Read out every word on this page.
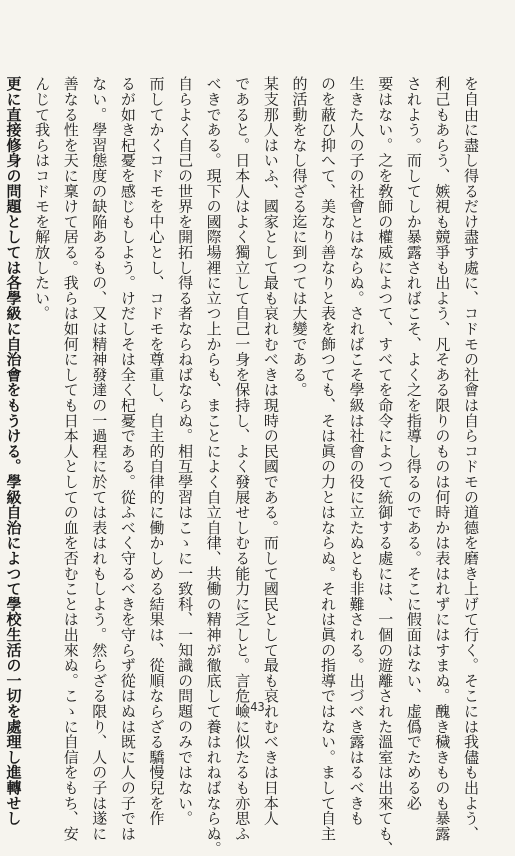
を自由に盡し得るだけ盡す處に、コドモの社會は自らコドモの道德を磨き上げて行く。そこには我儘も出よう、
利己もあらう、嫉視も競爭も出よう、凡そある限りのものは何時かは表はれずにはすまぬ。醜き穢きものも暴露
されよう。而してしか暴露さればこそ、よく之を指導し得るのである。そこに假面はない、虚僞でためる必
要はない。之を敎師の權威によつて、すべてを命令によつて統御する處には、一個の遊離された溫室は出來ても、
生きた人の子の社會とはならぬ。さればこそ學級は社會の役に立たぬとも非難される。出づべき露はるべきも
のを蔽ひ抑へて、美なり善なりと表を飾つても、そは眞の力とはならぬ。それは眞の指導ではない。まして自主
的活動をなし得ざる迄に到つては大變である。
某支那人はいふ、國家として最も哀れむべきは現時の民國である。而して國民として最も哀れむべきは日本人
であると。日本人はよく獨立して自己一身を保持し、よく發展せしむる能力に乏しと。言危嶮に似たるも亦思ふ
べきである。現下の國際場裡に立つ上からも、まことによく自立自律、共働の精神が徹底して養はれねばならぬ。
自らよく自己の世界を開拓し得る者ならねばならぬ。相互學習はこゝに一致科、一知識の問題のみではない。
而してかくコドモを中心とし、コドモを尊重し、自主的自律的に働かしめる結果は、從順ならざる驕慢兒を作
るが如き杞憂を感じもしよう。けだしそは全く杞憂である。從ふべく守るべきを守らず從はぬは既に人の子では
ない。學習態度の缺陥あるもの、又は精神發達の一過程に於ては表はれもしよう。然らざる限り、人の子は遂に
善なる性を天に稟けて居る。我らは如何にしても日本人としての血を否むことは出來ぬ。こゝに自信をもち、安
んじて我らはコドモを解放したい。
更に直接修身の問題としては各學級に自治會をもうける。學級自治によつて學校生活の一切を處理し進轉せし	43
